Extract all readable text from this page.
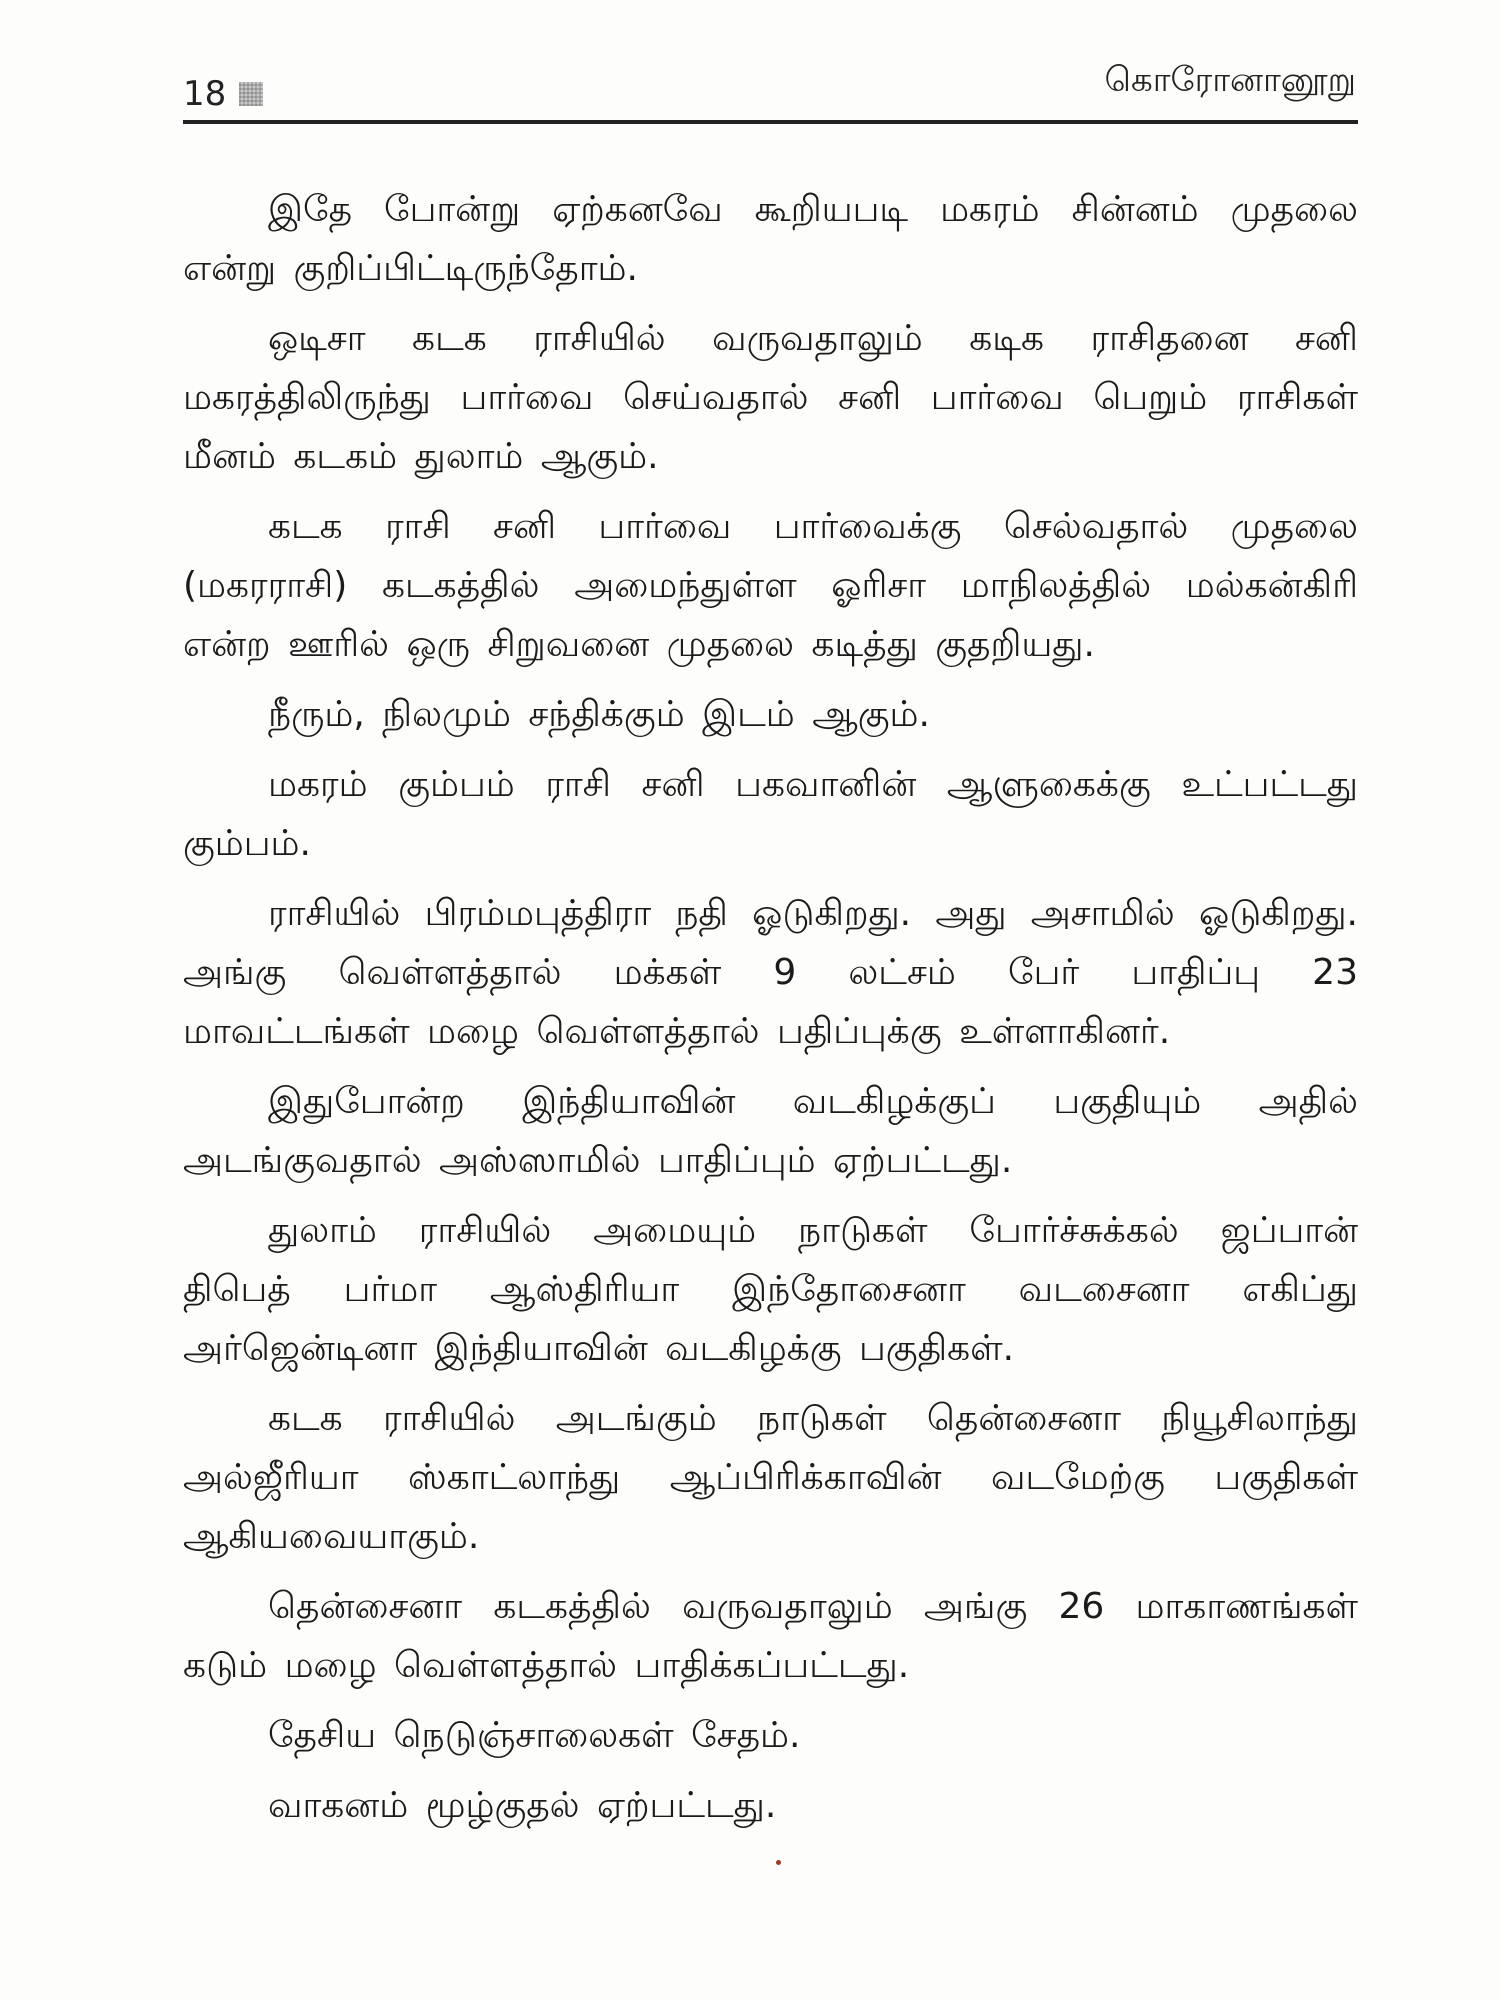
18	கொரோனானூறு

இதே போன்று ஏற்கனவே கூறியபடி மகரம் சின்னம் முதலை என்று குறிப்பிட்டிருந்தோம்.

ஒடிசா கடக ராசியில் வருவதாலும் கடிக ராசிதனை சனி மகரத்திலிருந்து பார்வை செய்வதால் சனி பார்வை பெறும் ராசிகள் மீனம் கடகம் துலாம் ஆகும்.

கடக ராசி சனி பார்வை பார்வைக்கு செல்வதால் முதலை (மகரராசி) கடகத்தில் அமைந்துள்ள ஓரிசா மாநிலத்தில் மல்கன்கிரி என்ற ஊரில் ஒரு சிறுவனை முதலை கடித்து குதறியது.

நீரும், நிலமும் சந்திக்கும் இடம் ஆகும்.

மகரம் கும்பம் ராசி சனி பகவானின் ஆளுகைக்கு உட்பட்டது கும்பம்.

ராசியில் பிரம்மபுத்திரா நதி ஓடுகிறது. அது அசாமில் ஓடுகிறது. அங்கு வெள்ளத்தால் மக்கள் 9 லட்சம் பேர் பாதிப்பு 23 மாவட்டங்கள் மழை வெள்ளத்தால் பதிப்புக்கு உள்ளாகினர்.

இதுபோன்ற இந்தியாவின் வடகிழக்குப் பகுதியும் அதில் அடங்குவதால் அஸ்ஸாமில் பாதிப்பும் ஏற்பட்டது.

துலாம் ராசியில் அமையும் நாடுகள் போர்ச்சுக்கல் ஜப்பான் திபெத் பர்மா ஆஸ்திரியா இந்தோசைனா வடசைனா எகிப்து அர்ஜென்டினா இந்தியாவின் வடகிழக்கு பகுதிகள்.

கடக ராசியில் அடங்கும் நாடுகள் தென்சைனா நியூசிலாந்து அல்ஜீரியா ஸ்காட்லாந்து ஆப்பிரிக்காவின் வடமேற்கு பகுதிகள் ஆகியவையாகும்.

தென்சைனா கடகத்தில் வருவதாலும் அங்கு 26 மாகாணங்கள் கடும் மழை வெள்ளத்தால் பாதிக்கப்பட்டது.

தேசிய நெடுஞ்சாலைகள் சேதம்.

வாகனம் மூழ்குதல் ஏற்பட்டது.
